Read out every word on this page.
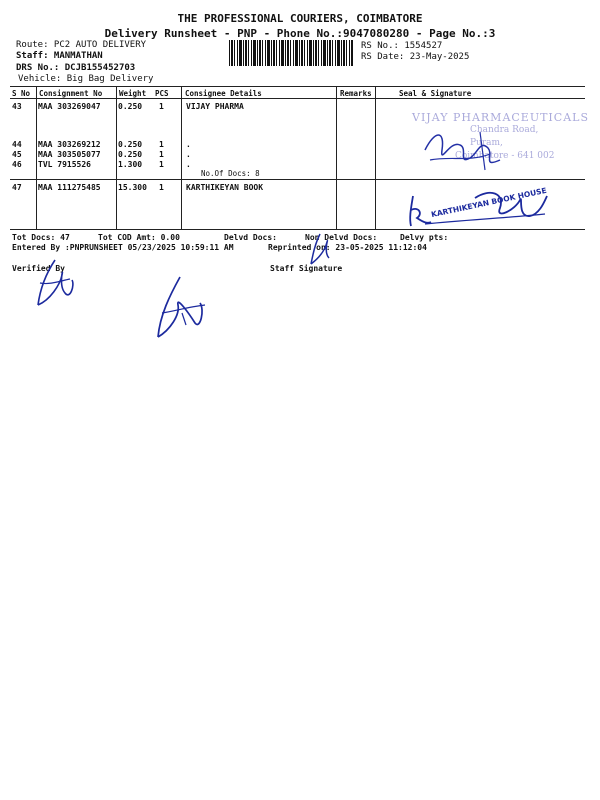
THE PROFESSIONAL COURIERS, COIMBATORE
Delivery Runsheet - PNP - Phone No.:9047080280 - Page No.:3
Route: PC2 AUTO DELIVERY
Staff: MANMATHAN
DRS No.: DCJB155452703
Vehicle: Big Bag Delivery
RS No.: 1554527
RS Date: 23-May-2025
S No Consignment No Weight PCS Consignee Details	Remarks	Seal & Signature
43 MAA 303269047 0.250 1	VIJAY PHARMA
44 MAA 303269212 0.250 1	.
45 MAA 303505077 0.250 1	.
46 TVL 7915526	1.300 1	.
No.Of Docs: 8
47 MAA 111275485 15.300 1	KARTHIKEYAN BOOK
VIJAY PHARMACEUTICALS
Chandra Road,
Puram,
Coimbatore - 641 002
KARTHIKEYAN BOOK HOUSE
Tot Docs: 47	Tot COD Amt: 0.00	Delvd Docs:	Non Delvd Docs:	Delvy pts:
Entered By :PNPRUNSHEET 05/23/2025 10:59:11 AM	Reprinted on: 23-05-2025 11:12:04
Verified By	Staff Signature
